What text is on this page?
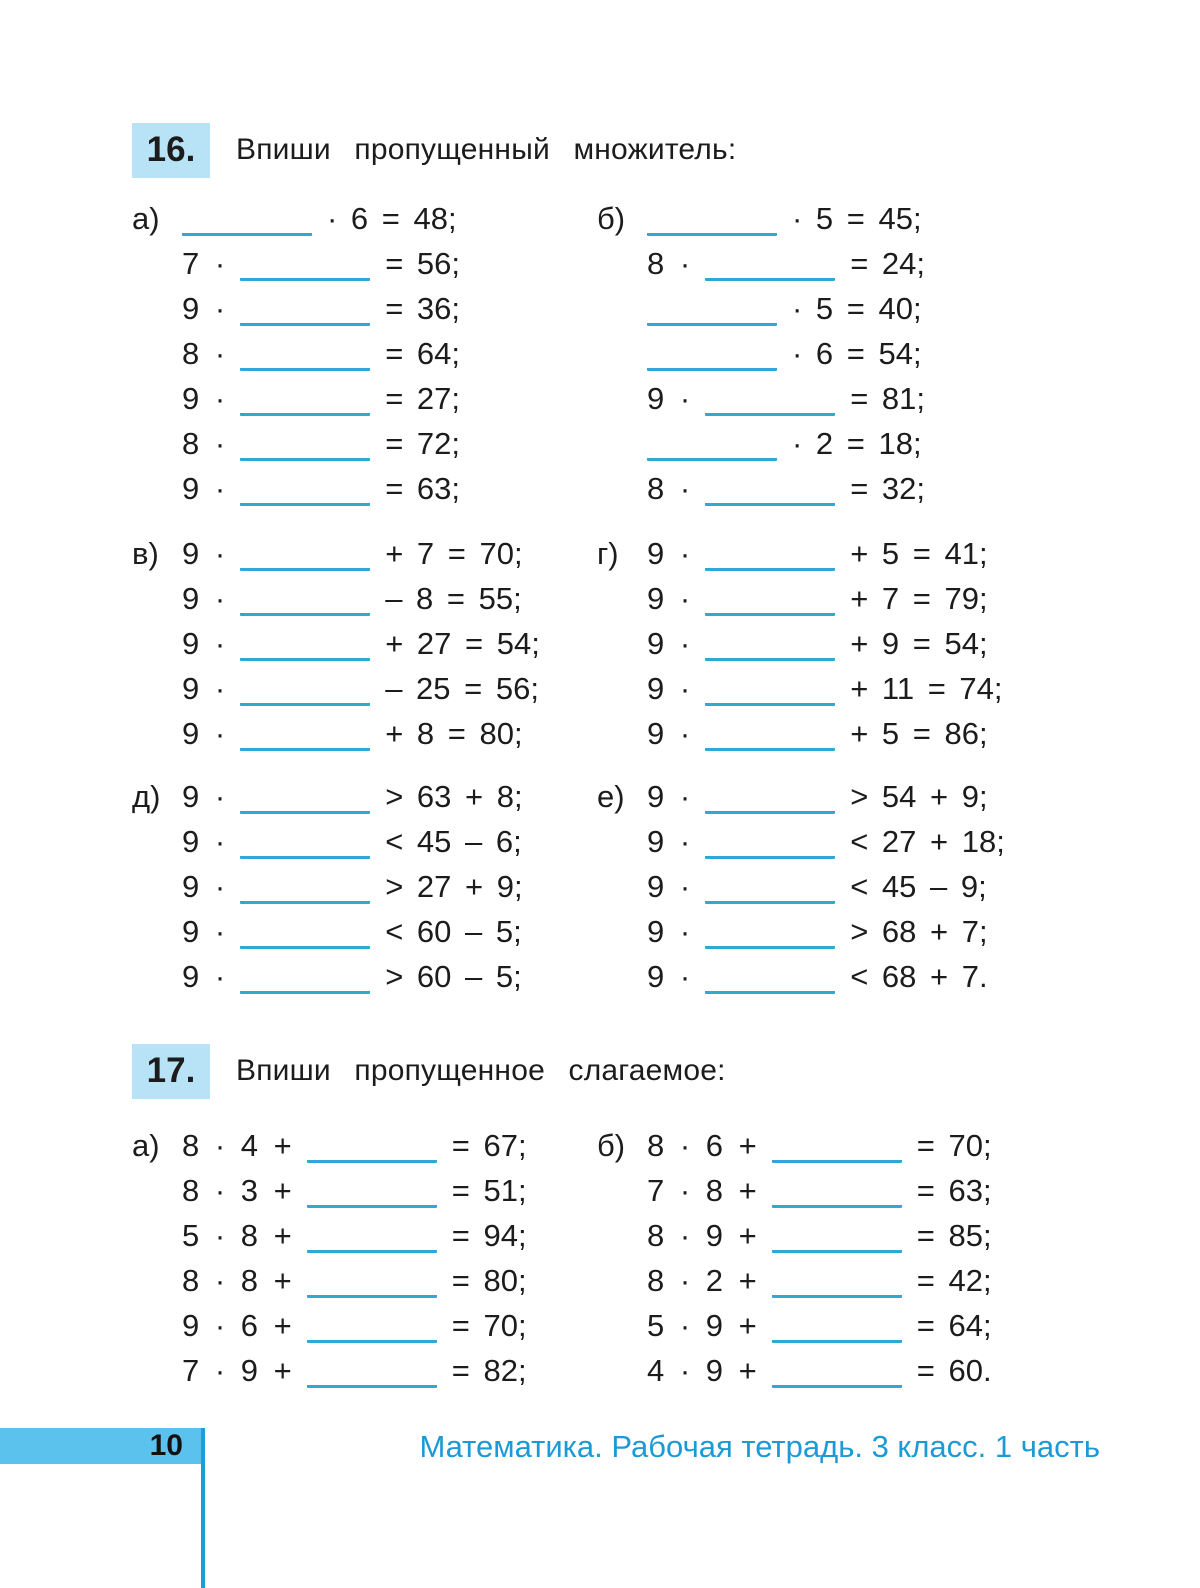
16.	Впиши пропущенный множитель:
а)	· 6 = 48;
7 ·	= 56;
9 ·	= 36;
8 ·	= 64;
9 ·	= 27;
8 ·	= 72;
9 ·	= 63;
б)	· 5 = 45;
8 ·	= 24;
· 5 = 40;
· 6 = 54;
9 ·	= 81;
· 2 = 18;
8 ·	= 32;
в) 9 ·	+ 7 = 70;
9 ·	– 8 = 55;
9 ·	+ 27 = 54;
9 ·	– 25 = 56;
9 ·	+ 8 = 80;
г) 9 ·	+ 5 = 41;
9 ·	+ 7 = 79;
9 ·	+ 9 = 54;
9 ·	+ 11 = 74;
9 ·	+ 5 = 86;
д) 9 ·	> 63 + 8;
9 ·	< 45 – 6;
9 ·	> 27 + 9;
9 ·	< 60 – 5;
9 ·	> 60 – 5;
е) 9 ·	> 54 + 9;
9 ·	< 27 + 18;
9 ·	< 45 – 9;
9 ·	> 68 + 7;
9 ·	< 68 + 7.
17.	Впиши пропущенное слагаемое:
а) 8 · 4 +	= 67;
8 · 3 +	= 51;
5 · 8 +	= 94;
8 · 8 +	= 80;
9 · 6 +	= 70;
7 · 9 +	= 82;
б) 8 · 6 +	= 70;
7 · 8 +	= 63;
8 · 9 +	= 85;
8 · 2 +	= 42;
5 · 9 +	= 64;
4 · 9 +	= 60.
10	Математика. Рабочая тетрадь. 3 класс. 1 часть
